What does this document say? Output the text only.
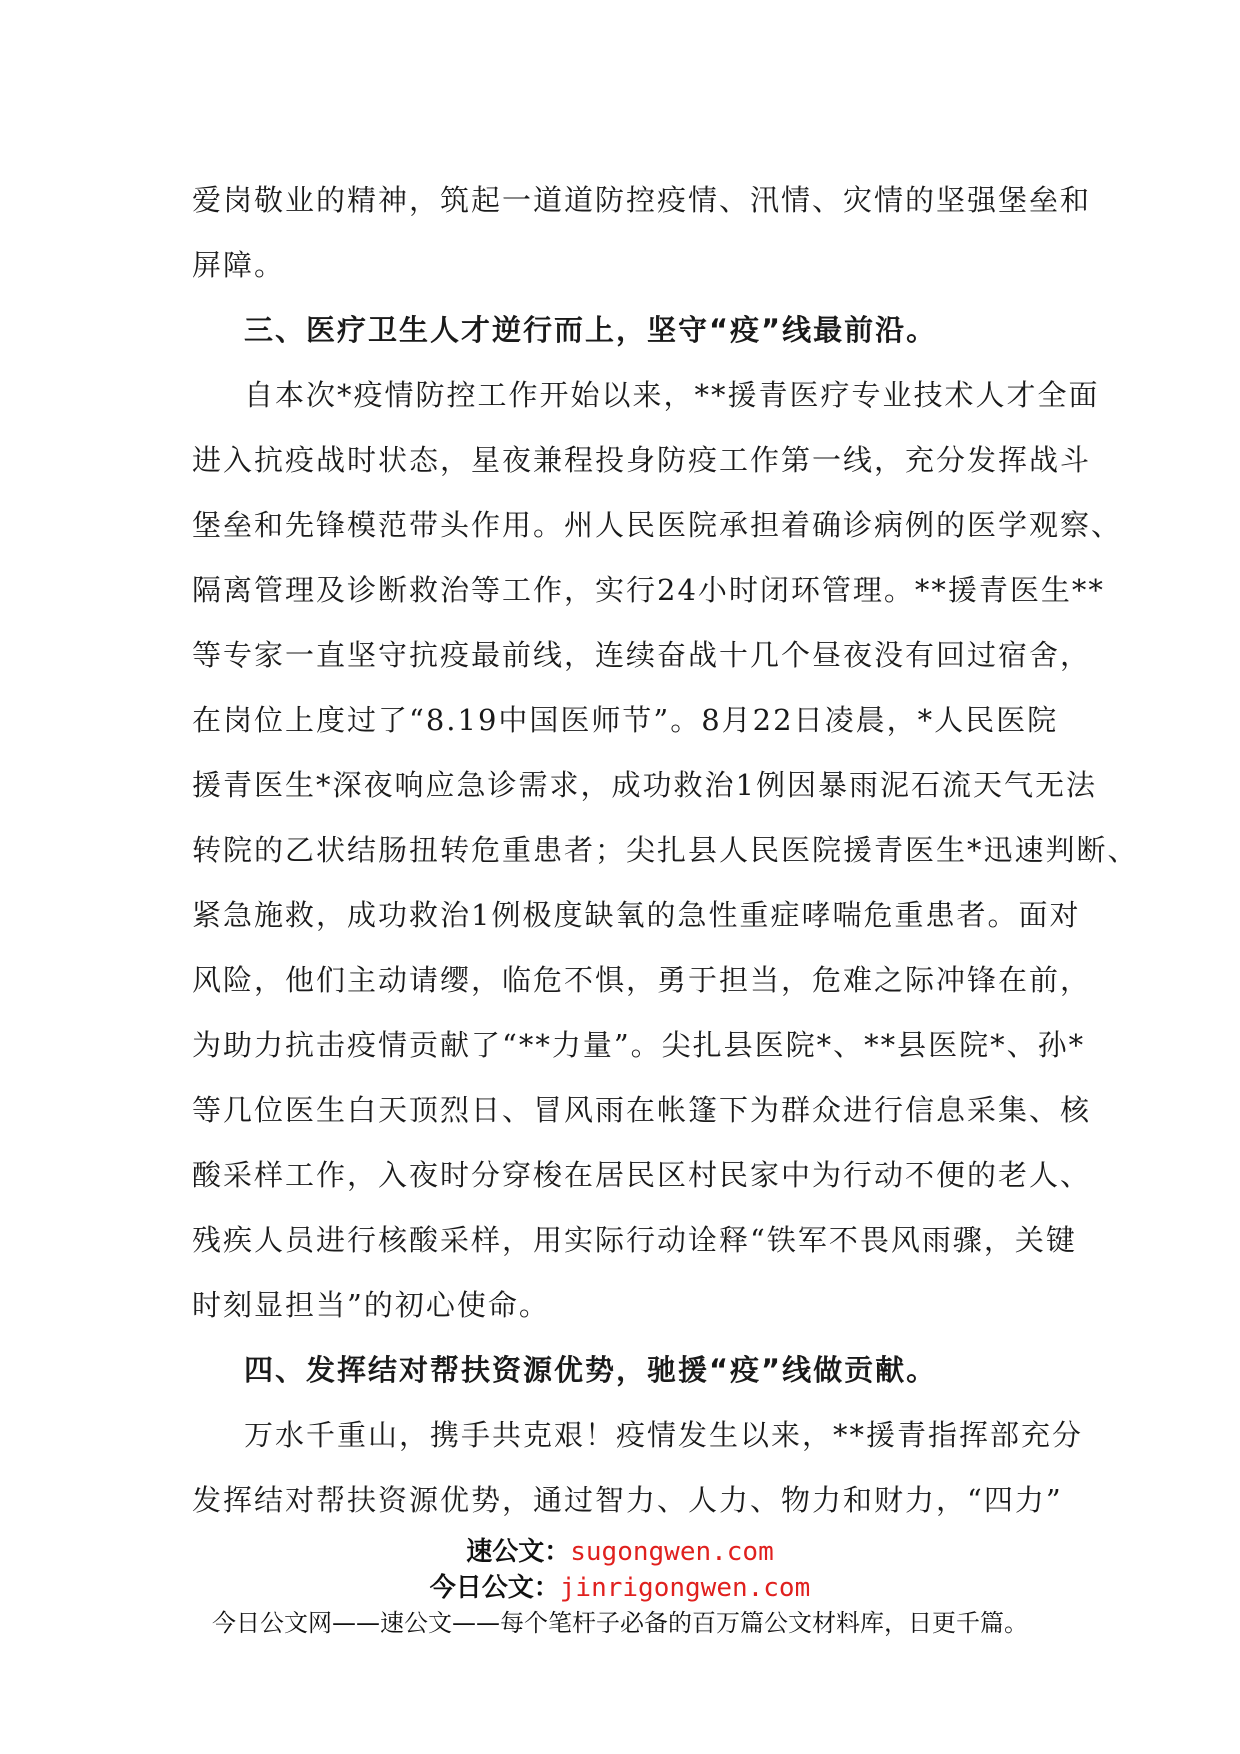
爱岗敬业的精神，筑起一道道防控疫情、汛情、灾情的坚强堡垒和
屏障。
三、医疗卫生人才逆行而上，坚守“疫”线最前沿。
自本次*疫情防控工作开始以来，**援青医疗专业技术人才全面
进入抗疫战时状态，星夜兼程投身防疫工作第一线，充分发挥战斗
堡垒和先锋模范带头作用。州人民医院承担着确诊病例的医学观察、
隔离管理及诊断救治等工作，实行24小时闭环管理。**援青医生**
等专家一直坚守抗疫最前线，连续奋战十几个昼夜没有回过宿舍，
在岗位上度过了“8.19中国医师节”。8月22日凌晨，*人民医院
援青医生*深夜响应急诊需求，成功救治1例因暴雨泥石流天气无法
转院的乙状结肠扭转危重患者；尖扎县人民医院援青医生*迅速判断、
紧急施救，成功救治1例极度缺氧的急性重症哮喘危重患者。面对
风险，他们主动请缨，临危不惧，勇于担当，危难之际冲锋在前，
为助力抗击疫情贡献了“**力量”。尖扎县医院*、**县医院*、孙*
等几位医生白天顶烈日、冒风雨在帐篷下为群众进行信息采集、核
酸采样工作，入夜时分穿梭在居民区村民家中为行动不便的老人、
残疾人员进行核酸采样，用实际行动诠释“铁军不畏风雨骤，关键
时刻显担当”的初心使命。
四、发挥结对帮扶资源优势，驰援“疫”线做贡献。
万水千重山，携手共克艰！疫情发生以来，**援青指挥部充分
发挥结对帮扶资源优势，通过智力、人力、物力和财力，“四力”
速公文：sugongwen.com
今日公文：jinrigongwen.com
今日公文网——速公文——每个笔杆子必备的百万篇公文材料库，日更千篇。
